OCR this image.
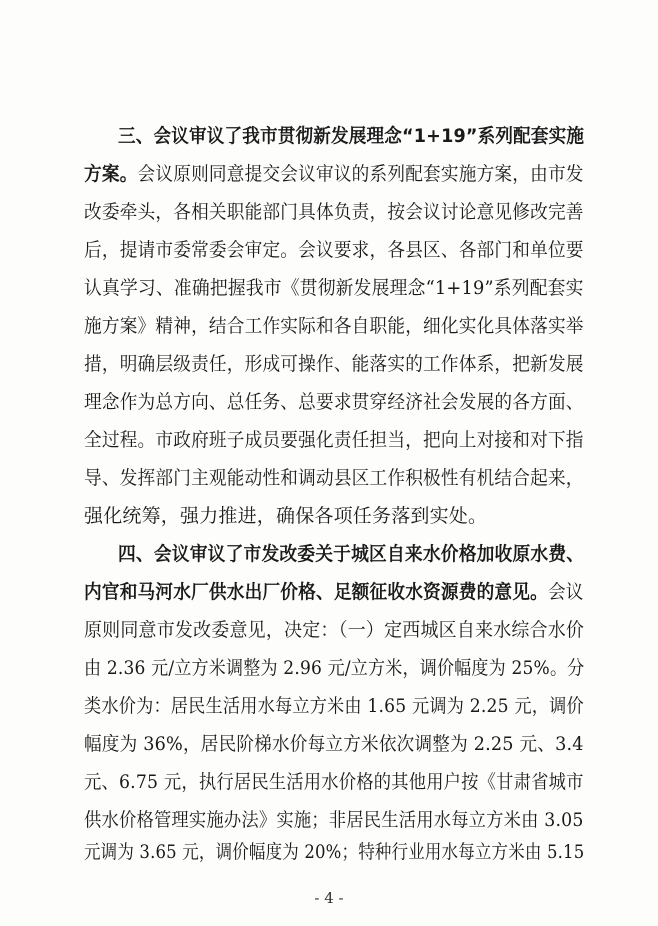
三、会议审议了我市贯彻新发展理念“1+19”系列配套实施
方案。会议原则同意提交会议审议的系列配套实施方案，由市发
改委牵头，各相关职能部门具体负责，按会议讨论意见修改完善
后，提请市委常委会审定。会议要求，各县区、各部门和单位要
认真学习、准确把握我市《贯彻新发展理念“1+19”系列配套实
施方案》精神，结合工作实际和各自职能，细化实化具体落实举
措，明确层级责任，形成可操作、能落实的工作体系，把新发展
理念作为总方向、总任务、总要求贯穿经济社会发展的各方面、
全过程。市政府班子成员要强化责任担当，把向上对接和对下指
导、发挥部门主观能动性和调动县区工作积极性有机结合起来，
强化统筹，强力推进，确保各项任务落到实处。
四、会议审议了市发改委关于城区自来水价格加收原水费、
内官和马河水厂供水出厂价格、足额征收水资源费的意见。会议
原则同意市发改委意见，决定：（一）定西城区自来水综合水价
由 2.36 元/立方米调整为 2.96 元/立方米，调价幅度为 25%。分
类水价为：居民生活用水每立方米由 1.65 元调为 2.25 元，调价
幅度为 36%，居民阶梯水价每立方米依次调整为 2.25 元、3.4
元、6.75 元，执行居民生活用水价格的其他用户按《甘肃省城市
供水价格管理实施办法》实施；非居民生活用水每立方米由 3.05
元调为 3.65 元，调价幅度为 20%；特种行业用水每立方米由 5.15
- 4 -
